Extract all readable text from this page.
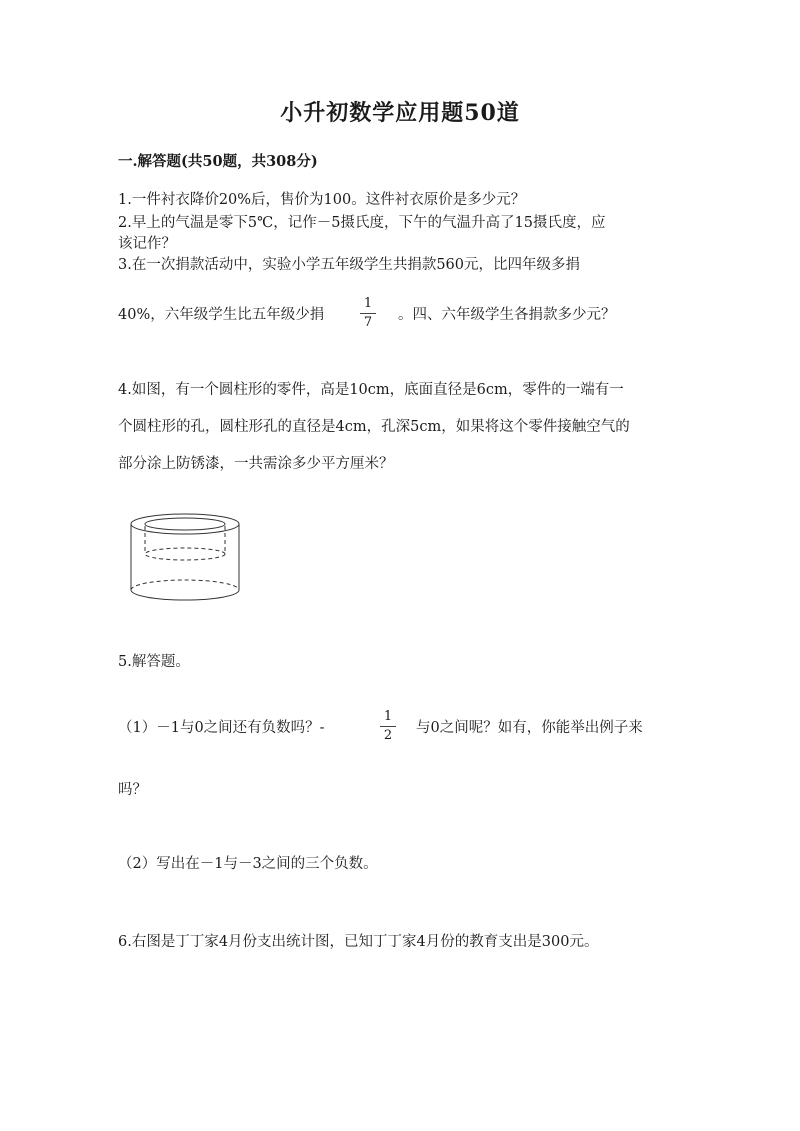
小升初数学应用题50道
一.解答题(共50题，共308分)
1.一件衬衣降价20%后，售价为100。这件衬衣原价是多少元？
2.早上的气温是零下5℃，记作－5摄氏度，下午的气温升高了15摄氏度，应
该记作？
3.在一次捐款活动中，实验小学五年级学生共捐款560元，比四年级多捐
40%，六年级学生比五年级少捐
1
7 。四、六年级学生各捐款多少元？
4.如图，有一个圆柱形的零件，高是10cm，底面直径是6cm，零件的一端有一
个圆柱形的孔，圆柱形孔的直径是4cm，孔深5cm，如果将这个零件接触空气的
部分涂上防锈漆，一共需涂多少平方厘米？
5.解答题。
（1）－1与0之间还有负数吗？-
1
2 与0之间呢？如有，你能举出例子来
吗？
（2）写出在－1与－3之间的三个负数。
6.右图是丁丁家4月份支出统计图，已知丁丁家4月份的教育支出是300元。
